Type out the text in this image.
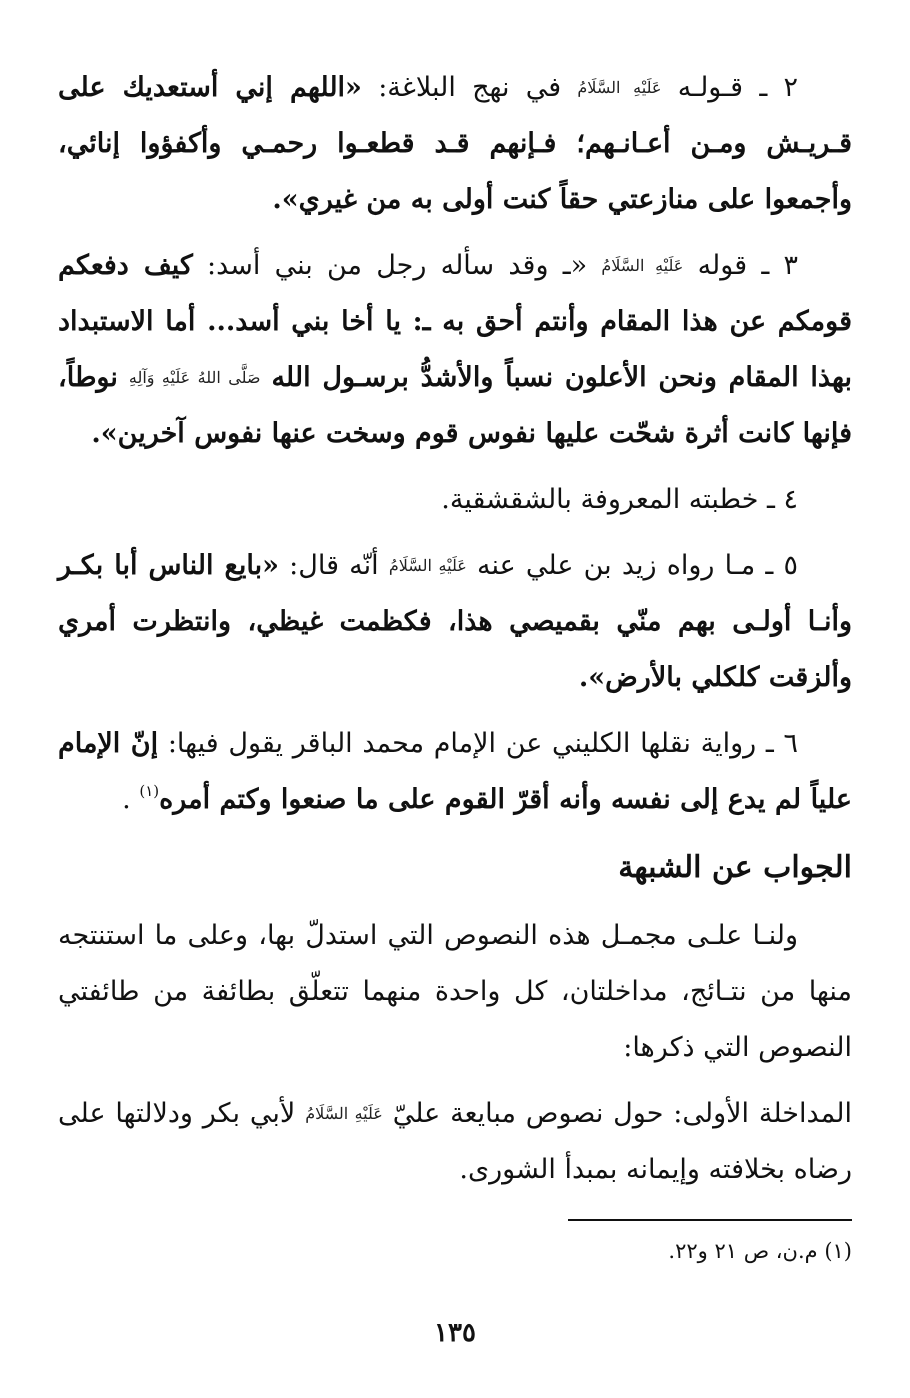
٢ ـ قـولـه عَلَيْهِ السَّلَامُ في نهج البلاغة: «اللهم إني أستعديك على قـريـش ومـن أعـانـهم؛ فـإنهم قـد قطعـوا رحمـي وأكفؤوا إنائي، وأجمعوا على منازعتي حقاً كنت أولى به من غيري».

٣ ـ قوله عَلَيْهِ السَّلَامُ «ـ وقد سأله رجل من بني أسد: كيف دفعكم قومكم عن هذا المقام وأنتم أحق به ـ: يا أخا بني أسد... أما الاستبداد بهذا المقام ونحن الأعلون نسباً والأشدُّ برسـول الله صَلَّى اللهُ عَلَيْهِ وَآلِهِ نوطاً، فإنها كانت أثرة شحّت عليها نفوس قوم وسخت عنها نفوس آخرين».

٤ ـ خطبته المعروفة بالشقشقية.

٥ ـ مـا رواه زيد بن علي عنه عَلَيْهِ السَّلَامُ أنّه قال: «بايع الناس أبا بكـر وأنـا أولـى بهم منّي بقميصي هذا، فكظمت غيظي، وانتظرت أمري وألزقت كلكلي بالأرض».

٦ ـ رواية نقلها الكليني عن الإمام محمد الباقر يقول فيها: إنّ الإمام علياً لم يدع إلى نفسه وأنه أقرّ القوم على ما صنعوا وكتم أمره$^{(١)}$ .

الجواب عن الشبهة

ولنـا علـى مجمـل هذه النصوص التي استدلّ بها، وعلى ما استنتجه منها من نتـائج، مداخلتان، كل واحدة منهما تتعلّق بطائفة من طائفتي النصوص التي ذكرها:

المداخلة الأولى: حول نصوص مبايعة عليّ عَلَيْهِ السَّلَامُ لأبي بكر ودلالتها على رضاه بخلافته وإيمانه بمبدأ الشورى.

(١) م.ن، ص ٢١ و٢٢.
١٣٥
